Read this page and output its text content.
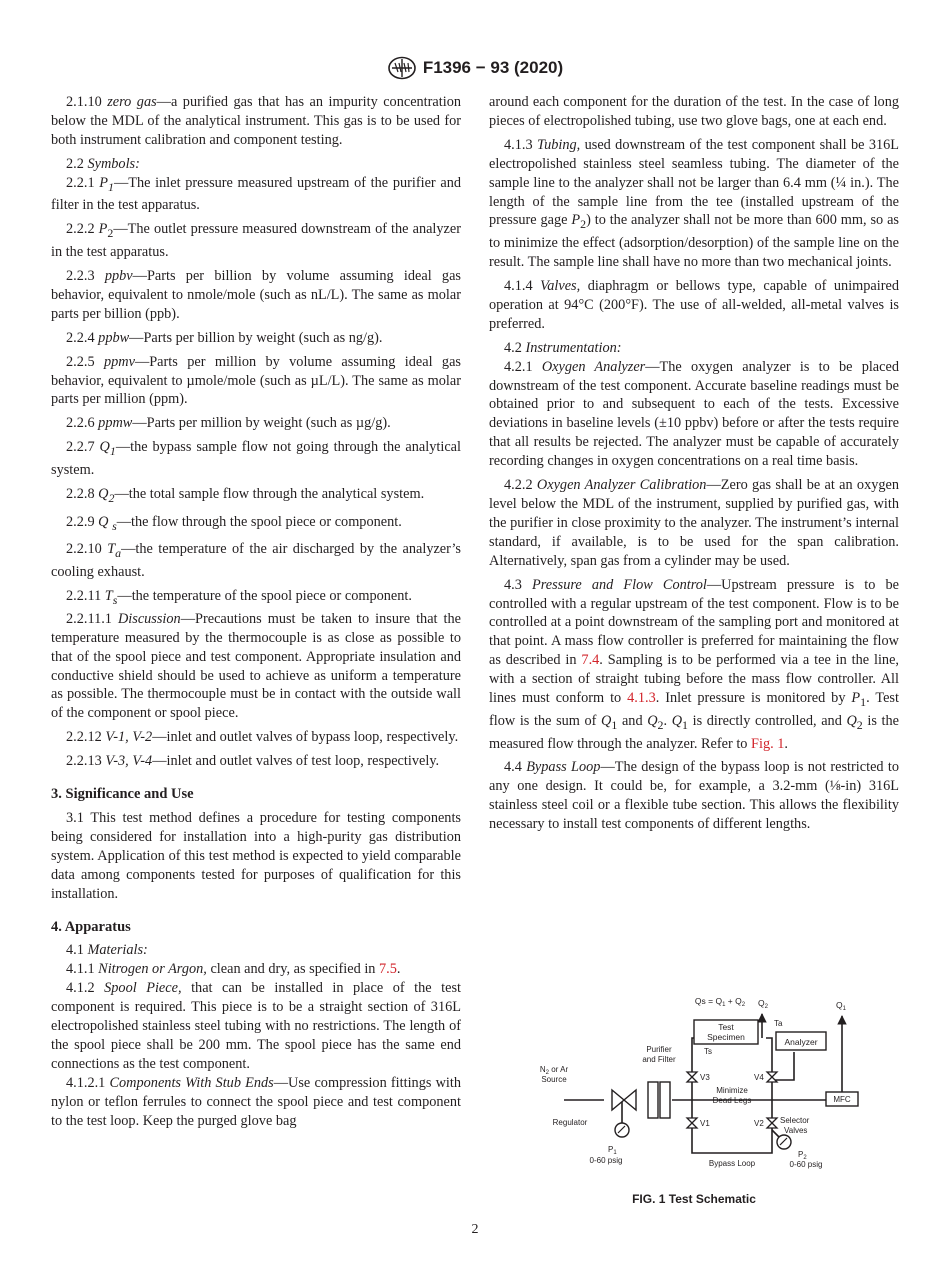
F1396 − 93 (2020)

2.1.10 zero gas—a purified gas that has an impurity concentration below the MDL of the analytical instrument. This gas is to be used for both instrument calibration and component testing.

2.2 Symbols:

2.2.1 $P_1—The$ inlet pressure measured upstream of the purifier and filter in the test apparatus.

2.2.2 $P_2—The$ outlet pressure measured downstream of the analyzer in the test apparatus.

2.2.3 ppbv—Parts per billion by volume assuming ideal gas behavior, equivalent to nmole/mole (such as nL/L). The same as molar parts per billion (ppb).

2.2.4 ppbw—Parts per billion by weight (such as ng/g).

2.2.5 ppmv—Parts per million by volume assuming ideal gas behavior, equivalent to µmole/mole (such as µL/L). The same as molar parts per million (ppm).

2.2.6 ppmw—Parts per million by weight (such as µg/g).

2.2.7 $Q_1—the$ bypass sample flow not going through the analytical system.

2.2.8 $Q_2—the$ total sample flow through the analytical system.

2.2.9 Q $_s$—the flow through the spool piece or component.

2.2.10 $T_a—the$ temperature of the air discharged by the analyzer’s cooling exhaust.

2.2.11 $T_s—the$ temperature of the spool piece or component.

2.2.11.1 Discussion—Precautions must be taken to insure that the temperature measured by the thermocouple is as close as possible to that of the spool piece and test component. Appropriate insulation and conductive shield should be used to achieve as uniform a temperature as possible. The thermocouple must be in contact with the outside wall of the component or spool piece.

2.2.12 V-1, V-2—inlet and outlet valves of bypass loop, respectively.

2.2.13 V-3, V-4—inlet and outlet valves of test loop, respectively.

3. Significance and Use

3.1 This test method defines a procedure for testing components being considered for installation into a high-purity gas distribution system. Application of this test method is expected to yield comparable data among components tested for purposes of qualification for this installation.

4. Apparatus

4.1 Materials:

4.1.1 Nitrogen or Argon, clean and dry, as specified in 7.5.

4.1.2 Spool Piece, that can be installed in place of the test component is required. This piece is to be a straight section of 316L electropolished stainless steel tubing with no restrictions. The length of the spool piece shall be 200 mm. The spool piece has the same end connections as the test component.

4.1.2.1 Components With Stub Ends—Use compression fittings with nylon or teflon ferrules to connect the spool piece and test component to the test loop. Keep the purged glove bag

around each component for the duration of the test. In the case of long pieces of electropolished tubing, use two glove bags, one at each end.

4.1.3 Tubing, used downstream of the test component shall be 316L electropolished stainless steel seamless tubing. The diameter of the sample line to the analyzer shall not be larger than 6.4 mm (¼ in.). The length of the sample line from the tee (installed upstream of the pressure gage $P_2$) to the analyzer shall not be more than 600 mm, so as to minimize the effect (adsorption/desorption) of the sample line on the result. The sample line shall have no more than two mechanical joints.

4.1.4 Valves, diaphragm or bellows type, capable of unimpaired operation at 94°C (200°F). The use of all-welded, all-metal valves is preferred.

4.2 Instrumentation:

4.2.1 Oxygen Analyzer—The oxygen analyzer is to be placed downstream of the test component. Accurate baseline readings must be obtained prior to and subsequent to each of the tests. Excessive deviations in baseline levels (±10 ppbv) before or after the tests require that all results be rejected. The analyzer must be capable of accurately recording changes in oxygen concentrations on a real time basis.

4.2.2 Oxygen Analyzer Calibration—Zero gas shall be at an oxygen level below the MDL of the instrument, supplied by purified gas, with the purifier in close proximity to the analyzer. The instrument’s internal standard, if available, is to be used for the span calibration. Alternatively, span gas from a cylinder may be used.

4.3 Pressure and Flow Control—Upstream pressure is to be controlled with a regular upstream of the test component. Flow is to be controlled at a point downstream of the sampling port and monitored at that point. A mass flow controller is preferred for maintaining the flow as described in 7.4. Sampling is to be performed via a tee in the line, with a section of straight tubing before the mass flow controller. All lines must conform to 4.1.3. Inlet pressure is monitored by $P_1$. Test flow is the sum of $Q_1$ and $Q_2$. $Q_1$ is directly controlled, and $Q_2$ is the measured flow through the analyzer. Refer to Fig. 1.

4.4 Bypass Loop—The design of the bypass loop is not restricted to any one design. It could be, for example, a 3.2-mm (⅛-in) 316L stainless steel coil or a flexible tube section. This allows the flexibility necessary to install test components of different lengths.

Test
Specimen	Analyzer
MFC
$Qs = Q_1 + Q_2$ $Q_2$	$Q_1$
Ta
Ts
Purifier
and Filter
$N_2$ or Ar
Source	V3	V4
Minimize
Dead Legs
V1	V2 Selector
Valves
Regulator
$P_1$
0-60 psig
$P_2$
0-60 psig
Bypass Loop
FIG. 1 Test Schematic
2
